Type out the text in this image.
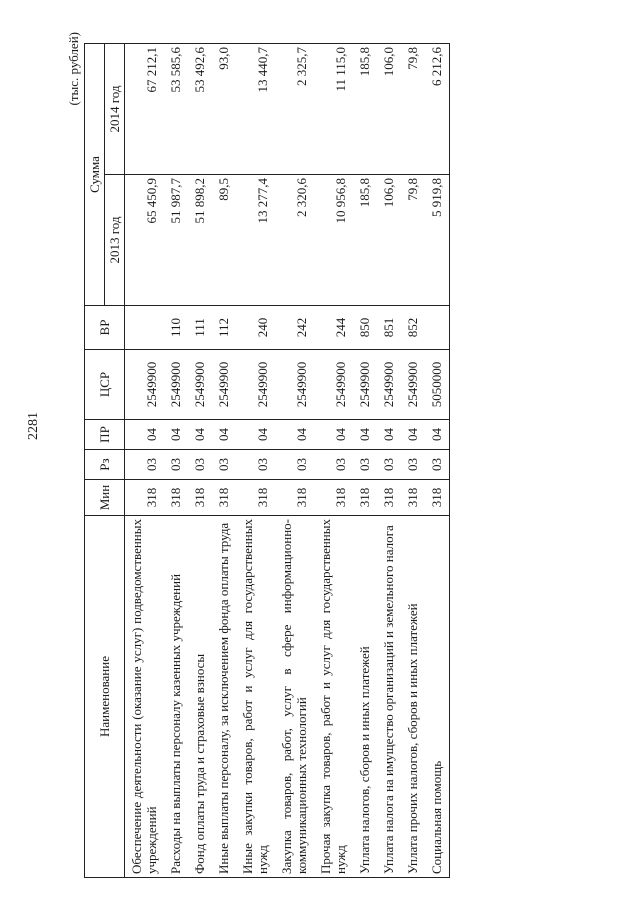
2281
(тыс. рублей)
Наименование	Мин	Рз	ПР	ЦСР	ВР	Сумма	
						2013 год	2014 год
Обеспечение деятельности (оказание услуг) подведомственных учреждений	318	03	04	2549900		65 450,9	67 212,1
Расходы на выплаты персоналу казенных учреждений	318	03	04	2549900	110	51 987,7	53 585,6
Фонд оплаты труда и страховые взносы	318	03	04	2549900	111	51 898,2	53 492,6
Иные выплаты персоналу, за исключением фонда оплаты труда	318	03	04	2549900	112	89,5	93,0
Иные закупки товаров, работ и услуг для государственных нужд	318	03	04	2549900	240	13 277,4	13 440,7
Закупка товаров, работ, услуг в сфере информационно-коммуникационных технологий	318	03	04	2549900	242	2 320,6	2 325,7
Прочая закупка товаров, работ и услуг для государственных нужд	318	03	04	2549900	244	10 956,8	11 115,0
Уплата налогов, сборов и иных платежей	318	03	04	2549900	850	185,8	185,8
Уплата налога на имущество организаций и земельного налога	318	03	04	2549900	851	106,0	106,0
Уплата прочих налогов, сборов и иных платежей	318	03	04	2549900	852	79,8	79,8
Социальная помощь	318	03	04	5050000		5 919,8	6 212,6
